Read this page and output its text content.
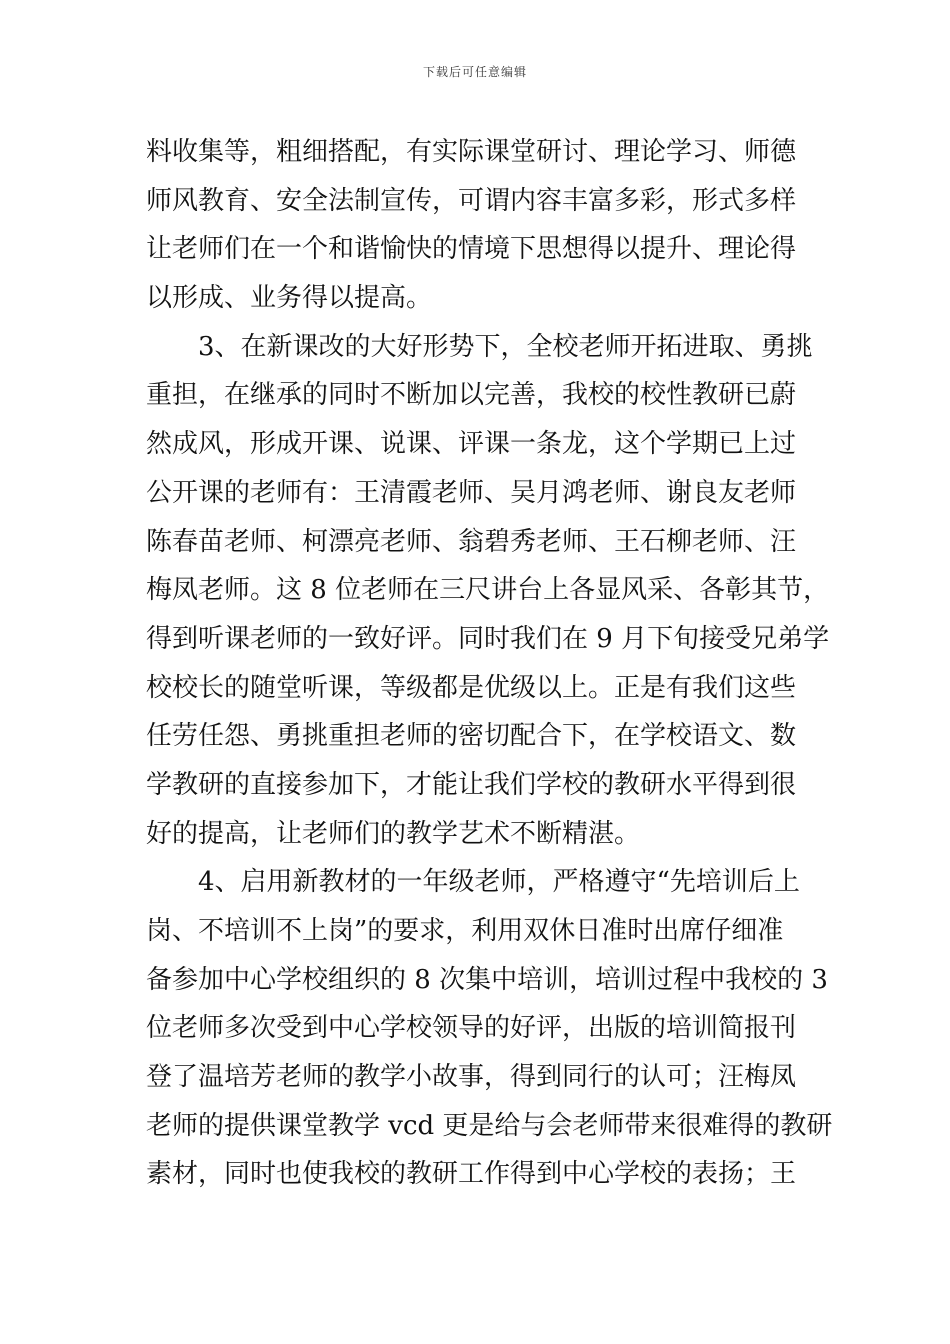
下载后可任意编辑
料收集等，粗细搭配，有实际课堂研讨、理论学习、师德
师风教育、安全法制宣传，可谓内容丰富多彩，形式多样
让老师们在一个和谐愉快的情境下思想得以提升、理论得
以形成、业务得以提高。
3、在新课改的大好形势下，全校老师开拓进取、勇挑
重担，在继承的同时不断加以完善，我校的校性教研已蔚
然成风，形成开课、说课、评课一条龙，这个学期已上过
公开课的老师有：王清霞老师、吴月鸿老师、谢良友老师
陈春苗老师、柯漂亮老师、翁碧秀老师、王石柳老师、汪
梅凤老师。这 8 位老师在三尺讲台上各显风采、各彰其节，
得到听课老师的一致好评。同时我们在 9 月下旬接受兄弟学
校校长的随堂听课，等级都是优级以上。正是有我们这些
任劳任怨、勇挑重担老师的密切配合下，在学校语文、数
学教研的直接参加下，才能让我们学校的教研水平得到很
好的提高，让老师们的教学艺术不断精湛。
4、启用新教材的一年级老师，严格遵守“先培训后上
岗、不培训不上岗”的要求，利用双休日准时出席仔细准
备参加中心学校组织的 8 次集中培训，培训过程中我校的 3
位老师多次受到中心学校领导的好评，出版的培训简报刊
登了温培芳老师的教学小故事，得到同行的认可；汪梅凤
老师的提供课堂教学 vcd 更是给与会老师带来很难得的教研
素材，同时也使我校的教研工作得到中心学校的表扬；王
